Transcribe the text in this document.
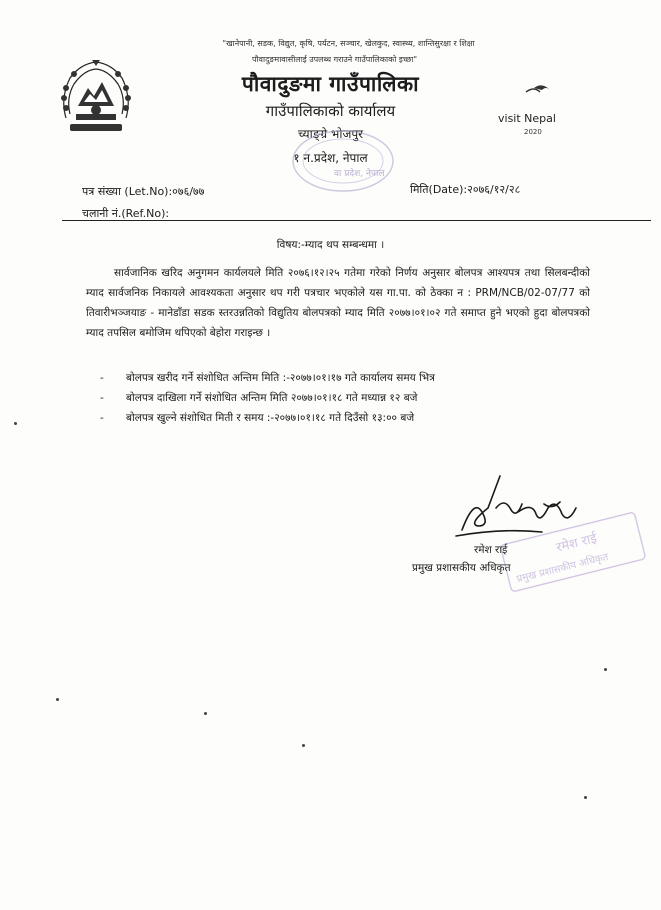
"खानेपानी, सडक, विद्युत, कृषि, पर्यटन, सञ्चार, खेलकुद, स्वास्थ्य, शान्तिसुरक्षा र शिक्षा
पौवादुङमावासीलाई उपलब्ध गराउने गाउँपालिकाको इच्छा"
पौवादुङमा गाउँपालिका
गाउँपालिकाको कार्यालय
च्याङ्ग्रे भोजपुर
१ न.प्रदेश, नेपाल
वा प्रदेश, नेपाल
visit Nepal
2020
पत्र संख्या (Let.No):०७६/७७
चलानी नं.(Ref.No):
मिति(Date):२०७६/१२/२८
विषय:-म्याद थप सम्बन्धमा ।
सार्वजानिक खरिद अनुगमन कार्यलयले मिति २०७६।१२।२५ गतेमा गरेको निर्णय अनुसार बोलपत्र आश्यपत्र तथा सिलबन्दीको म्याद सार्वजनिक निकायले आवश्यकता अनुसार थप गरी पत्रचार भएकोले यस गा.पा. को ठेक्का न : PRM/NCB/02-07/77 को तिवारीभञ्जयाङ - मानेडाँडा सडक स्तरउन्नतिको विद्युतिय बोलपत्रको म्याद मिति २०७७।०१।०२ गते समाप्त हुने भएको हुदा बोलपत्रको म्याद तपसिल बमोजिम थपिएको बेहोरा गराइन्छ ।
- बोलपत्र खरीद गर्ने संशोधित अन्तिम मिति :-२०७७।०१।१७ गते कार्यालय समय भित्र
- बोलपत्र दाखिला गर्ने संशोधित अन्तिम मिति २०७७।०१।१८ गते मध्यान्न १२ बजे
- बोलपत्र खुल्ने संशोधित मिती र समय :-२०७७।०१।१८ गते दिउँसो १३:०० बजे
रमेश राई
प्रमुख प्रशासकीय अधिकृत
रमेश राई
प्रमुख प्रशासकीय अधिकृत
